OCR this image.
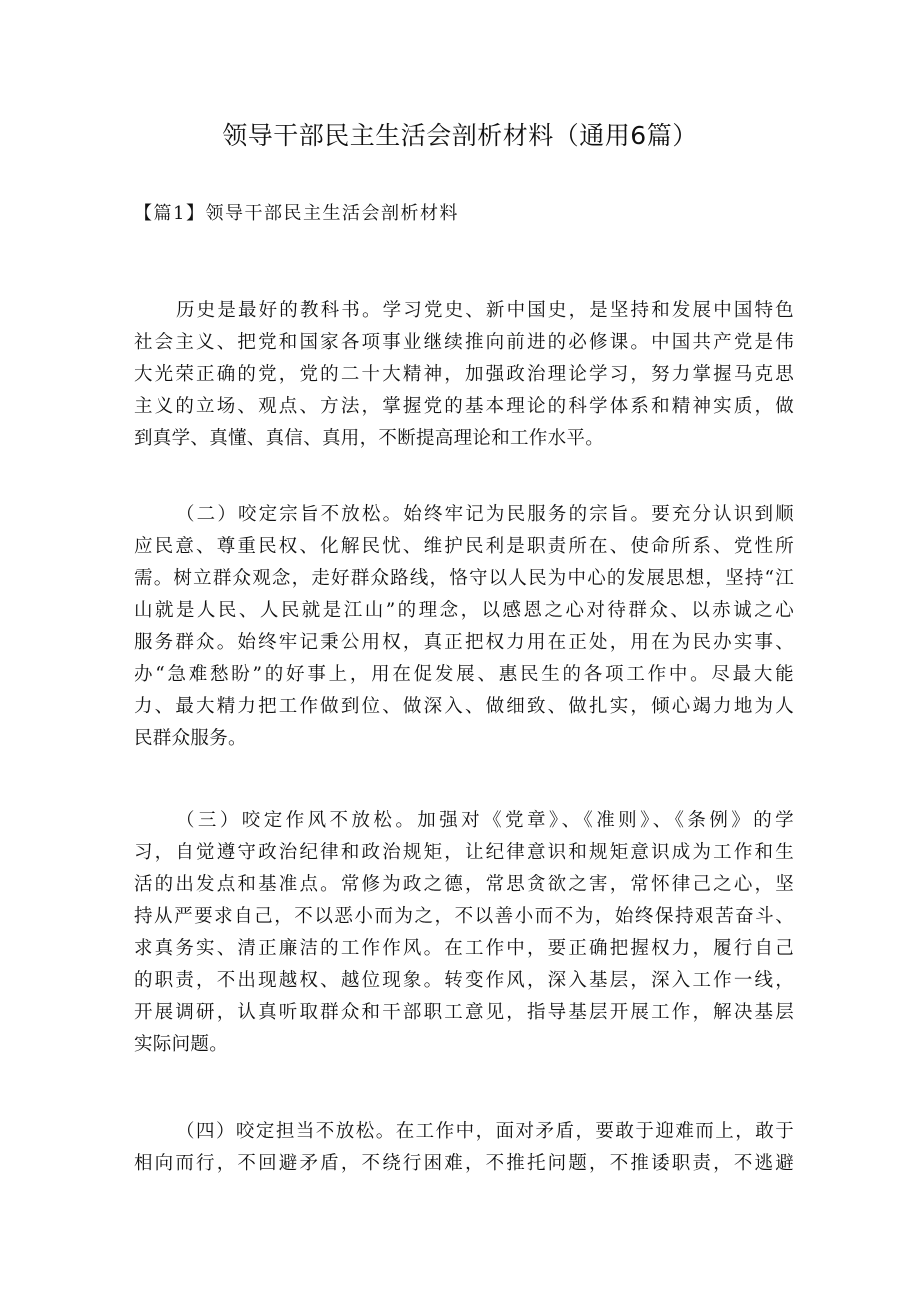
领导干部民主生活会剖析材料（通用6篇）
【篇1】领导干部民主生活会剖析材料
历史是最好的教科书。学习党史、新中国史，是坚持和发展中国特色
社会主义、把党和国家各项事业继续推向前进的必修课。中国共产党是伟
大光荣正确的党，党的二十大精神，加强政治理论学习，努力掌握马克思
主义的立场、观点、方法，掌握党的基本理论的科学体系和精神实质，做
到真学、真懂、真信、真用，不断提高理论和工作水平。
（二）咬定宗旨不放松。始终牢记为民服务的宗旨。要充分认识到顺
应民意、尊重民权、化解民忧、维护民利是职责所在、使命所系、党性所
需。树立群众观念，走好群众路线，恪守以人民为中心的发展思想，坚持“江
山就是人民、人民就是江山”的理念，以感恩之心对待群众、以赤诚之心
服务群众。始终牢记秉公用权，真正把权力用在正处，用在为民办实事、
办“急难愁盼”的好事上，用在促发展、惠民生的各项工作中。尽最大能
力、最大精力把工作做到位、做深入、做细致、做扎实，倾心竭力地为人
民群众服务。
（三）咬定作风不放松。加强对《党章》、《准则》、《条例》的学
习，自觉遵守政治纪律和政治规矩，让纪律意识和规矩意识成为工作和生
活的出发点和基准点。常修为政之德，常思贪欲之害，常怀律己之心，坚
持从严要求自己，不以恶小而为之，不以善小而不为，始终保持艰苦奋斗、
求真务实、清正廉洁的工作作风。在工作中，要正确把握权力，履行自己
的职责，不出现越权、越位现象。转变作风，深入基层，深入工作一线，
开展调研，认真听取群众和干部职工意见，指导基层开展工作，解决基层
实际问题。
（四）咬定担当不放松。在工作中，面对矛盾，要敢于迎难而上，敢于
相向而行，不回避矛盾，不绕行困难，不推托问题，不推诿职责，不逃避
